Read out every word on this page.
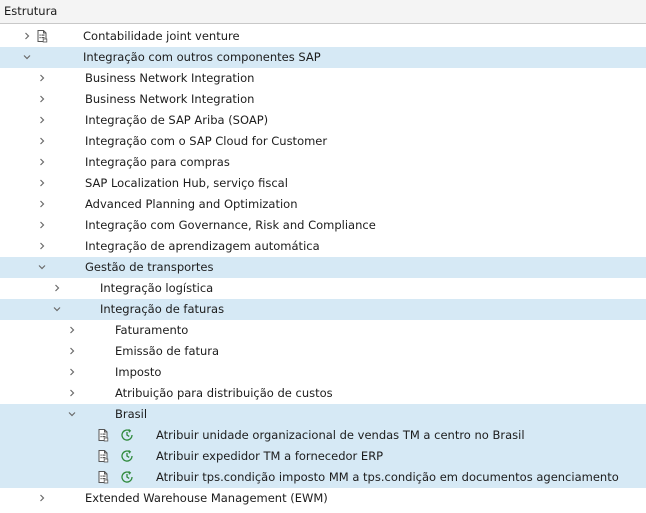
Estrutura
Contabilidade joint venture
Integração com outros componentes SAP
Business Network Integration
Business Network Integration
Integração de SAP Ariba (SOAP)
Integração com o SAP Cloud for Customer
Integração para compras
SAP Localization Hub, serviço fiscal
Advanced Planning and Optimization
Integração com Governance, Risk and Compliance
Integração de aprendizagem automática
Gestão de transportes
Integração logística
Integração de faturas
Faturamento
Emissão de fatura
Imposto
Atribuição para distribuição de custos
Brasil
Atribuir unidade organizacional de vendas TM a centro no Brasil
Atribuir expedidor TM a fornecedor ERP
Atribuir tps.condição imposto MM a tps.condição em documentos agenciamento
Extended Warehouse Management (EWM)
